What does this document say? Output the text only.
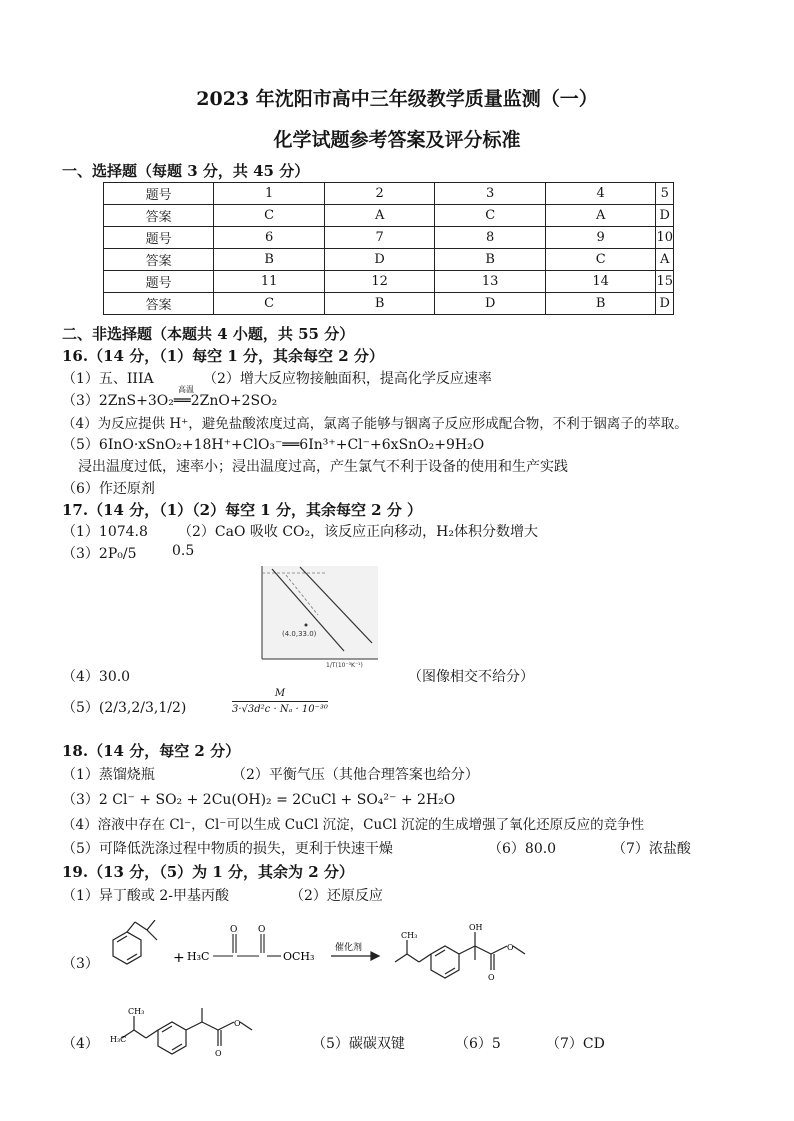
2023 年沈阳市高中三年级教学质量监测（一）
化学试题参考答案及评分标准
一、选择题（每题 3 分，共 45 分）
题号	1	2	3	4	5
答案	C	A	C	A	D
题号	6	7	8	9	10
答案	B	D	B	C	A
题号	11	12	13	14	15
答案	C	B	D	B	D
二、非选择题（本题共 4 小题，共 55 分）
16.（14 分，（1）每空 1 分，其余每空 2 分）
（1）五、IIIA	（2）增大反应物接触面积，提高化学反应速率
（3）2ZnS+3O₂══2ZnO+2SO₂
高温
（4）为反应提供 H⁺，避免盐酸浓度过高，氯离子能够与铟离子反应形成配合物，不利于铟离子的萃取。
（5）6InO·xSnO₂+18H⁺+ClO₃⁻══6In³⁺+Cl⁻+6xSnO₂+9H₂O
浸出温度过低，速率小；浸出温度过高，产生氯气不利于设备的使用和生产实践
（6）作还原剂
17.（14 分，（1）（2）每空 1 分，其余每空 2 分 ）
（1）1074.8 （2）CaO 吸收 CO₂，该反应正向移动，H₂体积分数增大
（3）2P₀/5	0.5
(4.0,33.0)
1/T(10⁻³K⁻¹)
（4）30.0	（图像相交不给分）
（5）(2/3,2/3,1/2)	$\frac{M}{\text{3·√3d²c · Nₐ · 10⁻³⁰}}$
18.（14 分，每空 2 分）
（1）蒸馏烧瓶	（2）平衡气压（其他合理答案也给分）
（3）2 Cl⁻ + SO₂ + 2Cu(OH)₂ = 2CuCl + SO₄²⁻ + 2H₂O
（4）溶液中存在 Cl⁻，Cl⁻可以生成 CuCl 沉淀，CuCl 沉淀的生成增强了氧化还原反应的竞争性
（5）可降低洗涤过程中物质的损失，更利于快速干燥	（6）80.0	（7）浓盐酸
19.（13 分，（5）为 1 分，其余为 2 分）
（1）异丁酸或 2-甲基丙酸	（2）还原反应
（3）	+ H₃C
O O
OCH₃
催化剂
CH₃
OH
O
O
（4）
CH₃
H₃C
O
O
（5）碳碳双键	（6）5	（7）CD
